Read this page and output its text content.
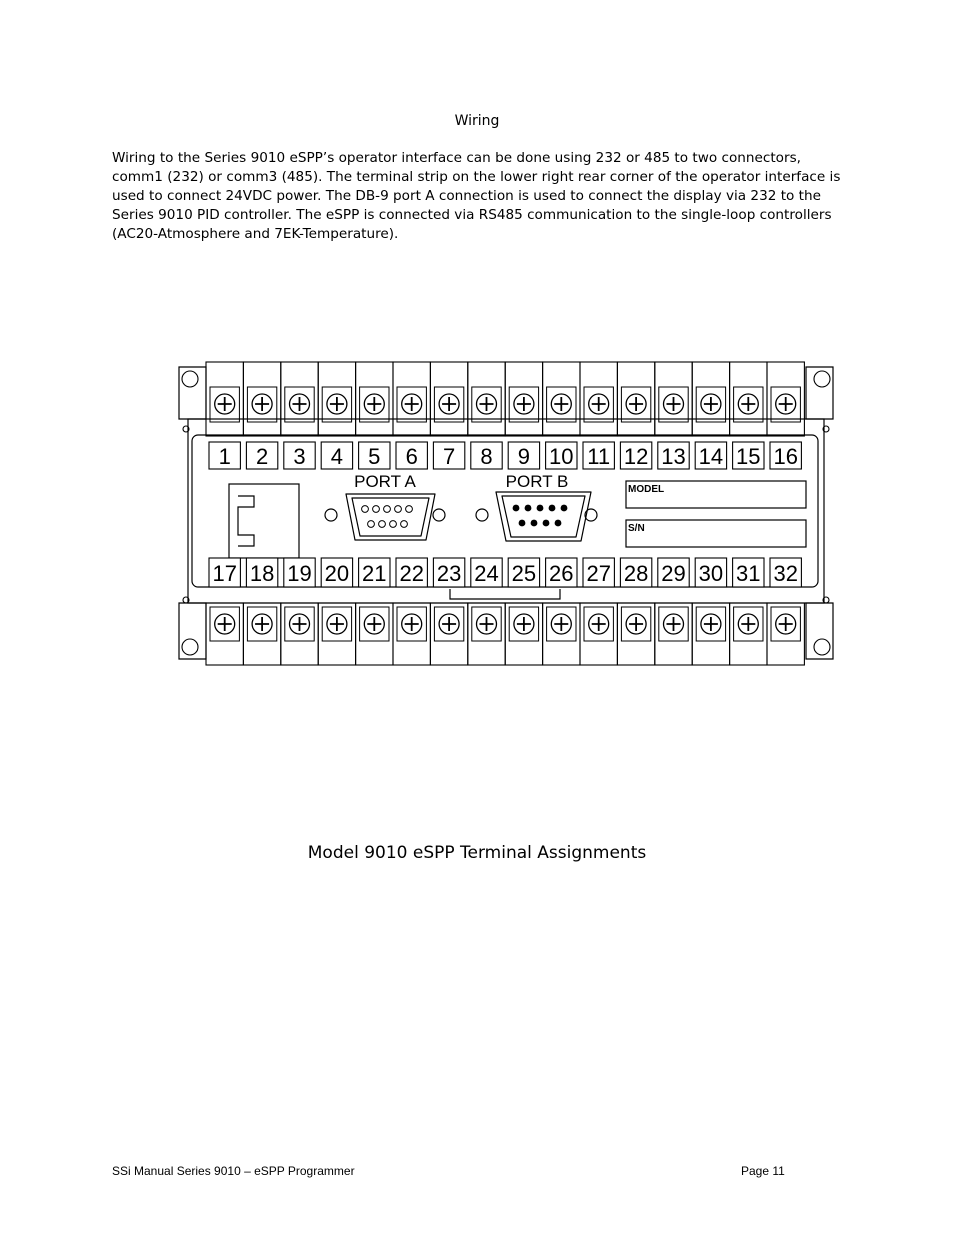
Wiring

Wiring to the Series 9010 eSPP’s operator interface can be done using 232 or 485 to two connectors, comm1 (232) or comm3 (485). The terminal strip on the lower right rear corner of the operator interface is used to connect 24VDC power. The DB-9 port A connection is used to connect the display via 232 to the Series 9010 PID controller. The eSPP is connected via RS485 communication to the single-loop controllers (AC20-Atmosphere and 7EK-Temperature).

1
17
2
18
3
19
4
20
5
21
6
22
7
23
8
24
9
25
10
26
11
27
12
28
13
29
14
30
15
31
16
32
PORT A	PORT B	MODEL
S/N
Model 9010 eSPP Terminal Assignments
SSi Manual Series 9010 – eSPP Programmer	Page 11
